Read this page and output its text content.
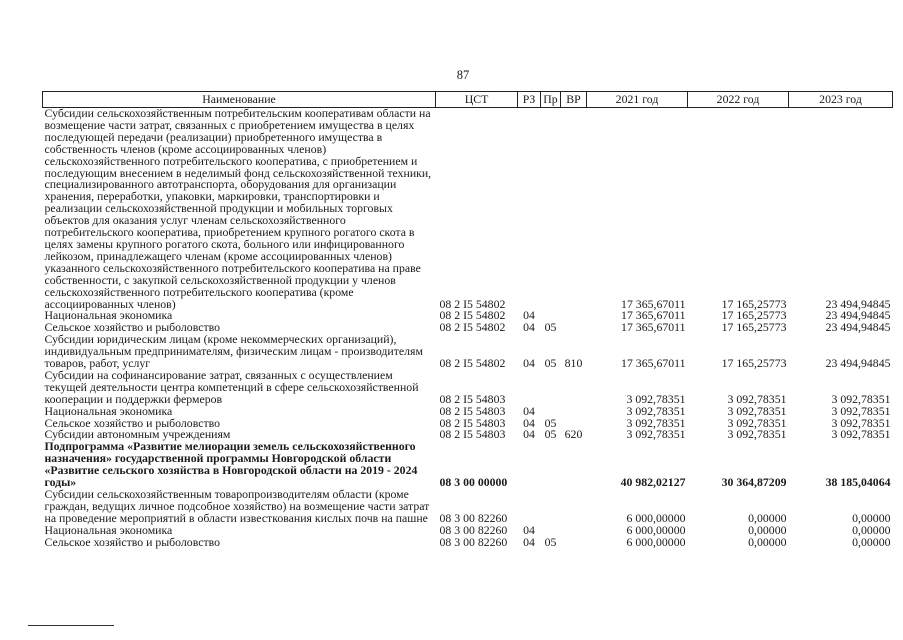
87
Наименование	ЦСТ	РЗ	Пр	ВР	2021 год	2022 год	2023 год
Субсидии сельскохозяйственным потребительским кооперативам области на возмещение части затрат, связанных с приобретением имущества в целях последующей передачи (реализации) приобретенного имущества в собственность членов (кроме ассоциированных членов) сельскохозяйственного потребительского кооператива, с приобретением и последующим внесением в неделимый фонд сельскохозяйственной техники, специализированного автотранспорта, оборудования для организации хранения, переработки, упаковки, маркировки, транспортировки и реализации сельскохозяйственной продукции и мобильных торговых объектов для оказания услуг членам сельскохозяйственного потребительского кооператива, приобретением крупного рогатого скота в целях замены крупного рогатого скота, больного или инфицированного лейкозом, принадлежащего членам (кроме ассоциированных членов) указанного сельскохозяйственного потребительского кооператива на праве собственности, с закупкой сельскохозяйственной продукции у членов сельскохозяйственного потребительского кооператива (кроме ассоциированных членов)	08 2 I5 54802				17 365,67011	17 165,25773	23 494,94845
Национальная экономика	08 2 I5 54802	04			17 365,67011	17 165,25773	23 494,94845
Сельское хозяйство и рыболовство	08 2 I5 54802	04	05		17 365,67011	17 165,25773	23 494,94845
Субсидии юридическим лицам (кроме некоммерческих организаций), индивидуальным предпринимателям, физическим лицам - производителям товаров, работ, услуг	08 2 I5 54802	04	05	810	17 365,67011	17 165,25773	23 494,94845
Субсидии на софинансирование затрат, связанных с осуществлением текущей деятельности центра компетенций в сфере сельскохозяйственной кооперации и поддержки фермеров	08 2 I5 54803				3 092,78351	3 092,78351	3 092,78351
Национальная экономика	08 2 I5 54803	04			3 092,78351	3 092,78351	3 092,78351
Сельское хозяйство и рыболовство	08 2 I5 54803	04	05		3 092,78351	3 092,78351	3 092,78351
Субсидии автономным учреждениям	08 2 I5 54803	04	05	620	3 092,78351	3 092,78351	3 092,78351
Подпрограмма «Развитие мелиорации земель сельскохозяйственного назначения» государственной программы Новгородской области «Развитие сельского хозяйства в Новгородской области на 2019 - 2024 годы»	08 3 00 00000				40 982,02127	30 364,87209	38 185,04064
Субсидии сельскохозяйственным товаропроизводителям области (кроме граждан, ведущих личное подсобное хозяйство) на возмещение части затрат на проведение мероприятий в области известкования кислых почв на пашне	08 3 00 82260				6 000,00000	0,00000	0,00000
Национальная экономика	08 3 00 82260	04			6 000,00000	0,00000	0,00000
Сельское хозяйство и рыболовство	08 3 00 82260	04	05		6 000,00000	0,00000	0,00000
